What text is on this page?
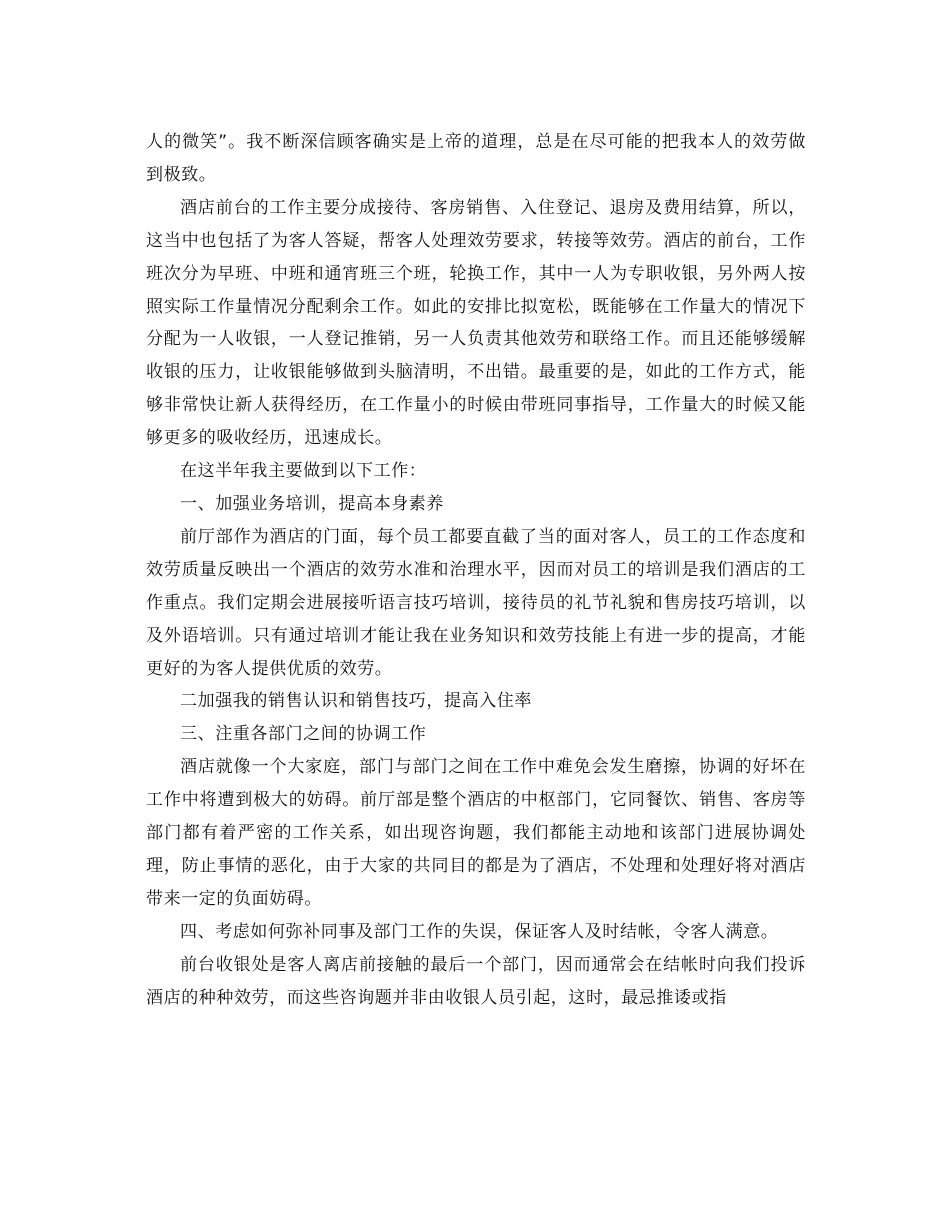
人的微笑”。我不断深信顾客确实是上帝的道理，总是在尽可能的把我本人的效劳做到极致。

酒店前台的工作主要分成接待、客房销售、入住登记、退房及费用结算，所以，这当中也包括了为客人答疑，帮客人处理效劳要求，转接等效劳。酒店的前台，工作班次分为早班、中班和通宵班三个班，轮换工作，其中一人为专职收银，另外两人按照实际工作量情况分配剩余工作。如此的安排比拟宽松，既能够在工作量大的情况下分配为一人收银，一人登记推销，另一人负责其他效劳和联络工作。而且还能够缓解收银的压力，让收银能够做到头脑清明，不出错。最重要的是，如此的工作方式，能够非常快让新人获得经历，在工作量小的时候由带班同事指导，工作量大的时候又能够更多的吸收经历，迅速成长。

在这半年我主要做到以下工作：

一、加强业务培训，提高本身素养

前厅部作为酒店的门面，每个员工都要直截了当的面对客人，员工的工作态度和效劳质量反映出一个酒店的效劳水准和治理水平，因而对员工的培训是我们酒店的工作重点。我们定期会进展接听语言技巧培训，接待员的礼节礼貌和售房技巧培训，以及外语培训。只有通过培训才能让我在业务知识和效劳技能上有进一步的提高，才能更好的为客人提供优质的效劳。

二加强我的销售认识和销售技巧，提高入住率

三、注重各部门之间的协调工作

酒店就像一个大家庭，部门与部门之间在工作中难免会发生磨擦，协调的好坏在工作中将遭到极大的妨碍。前厅部是整个酒店的中枢部门，它同餐饮、销售、客房等部门都有着严密的工作关系，如出现咨询题，我们都能主动地和该部门进展协调处理，防止事情的恶化，由于大家的共同目的都是为了酒店，不处理和处理好将对酒店带来一定的负面妨碍。

四、考虑如何弥补同事及部门工作的失误，保证客人及时结帐，令客人满意。

前台收银处是客人离店前接触的最后一个部门，因而通常会在结帐时向我们投诉酒店的种种效劳，而这些咨询题并非由收银人员引起，这时，最忌推诿或指
